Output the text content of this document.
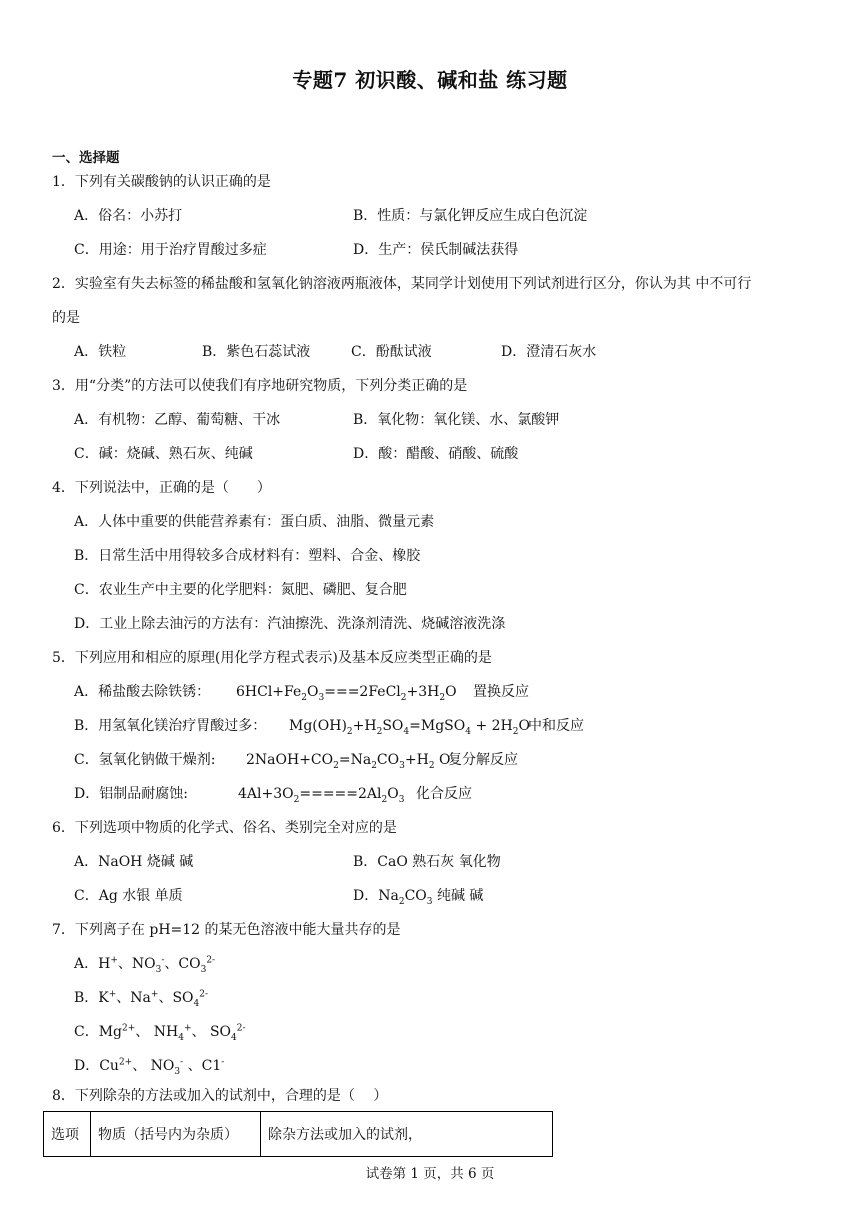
专题7 初识酸、碱和盐 练习题
一、选择题
1．下列有关碳酸钠的认识正确的是
A．俗名：小苏打	B．性质：与氯化钾反应生成白色沉淀
C．用途：用于治疗胃酸过多症	D．生产：侯氏制碱法获得
2．实验室有失去标签的稀盐酸和氢氧化钠溶液两瓶液体，某同学计划使用下列试剂进行区分，你认为其 中不可行
的是
A．铁粒	B．紫色石蕊试液	C．酚酞试液	D．澄清石灰水
3．用“分类”的方法可以使我们有序地研究物质，下列分类正确的是
A．有机物：乙醇、葡萄糖、干冰	B．氧化物：氧化镁、水、氯酸钾
C．碱：烧碱、熟石灰、纯碱	D．酸：醋酸、硝酸、硫酸
4．下列说法中，正确的是（　　）
A．人体中重要的供能营养素有：蛋白质、油脂、微量元素
B．日常生活中用得较多合成材料有：塑料、合金、橡胶
C．农业生产中主要的化学肥料：氮肥、磷肥、复合肥
D．工业上除去油污的方法有：汽油擦洗、洗涤剂清洗、烧碱溶液洗涤
5．下列应用和相应的原理(用化学方程式表示)及基本反应类型正确的是
A．稀盐酸去除铁锈： $6HCl+Fe_2O_3===2FeCl_2+3H_2O$ 置换反应
B．用氢氧化镁治疗胃酸过多： $Mg(OH)_2+H_2SO_4=MgSO_4 + 2H_2O$
中和反应
C．氢氧化钠做干燥剂: $2NaOH+CO_2=Na_2CO_3+H_2$ O
复分解反应
D．铝制品耐腐蚀:	$4Al+3O_2=====2Al_2O_3$ 化合反应
6．下列选项中物质的化学式、俗名、类别完全对应的是
A．NaOH 烧碱 碱	B．CaO 熟石灰 氧化物
C．Ag 水银 单质	D．$Na_2CO_3$ 纯碱 碱
7．下列离子在 pH=12 的某无色溶液中能大量共存的是
A．H+、$NO_3^-$、$CO_3^{2-}$
B．K+、Na+、$SO_4^{2-}$
C．$Mg^{2+}$、 $NH_4^+$、 $SO_4^{2-}$
D．$Cu^{2+}$、 $NO_3^-$ 、C1-
8．下列除杂的方法或加入的试剂中，合理的是（　 ）
选项	物质（括号内为杂质）	除杂方法或加入的试剂，
试卷第 1 页，共 6 页
